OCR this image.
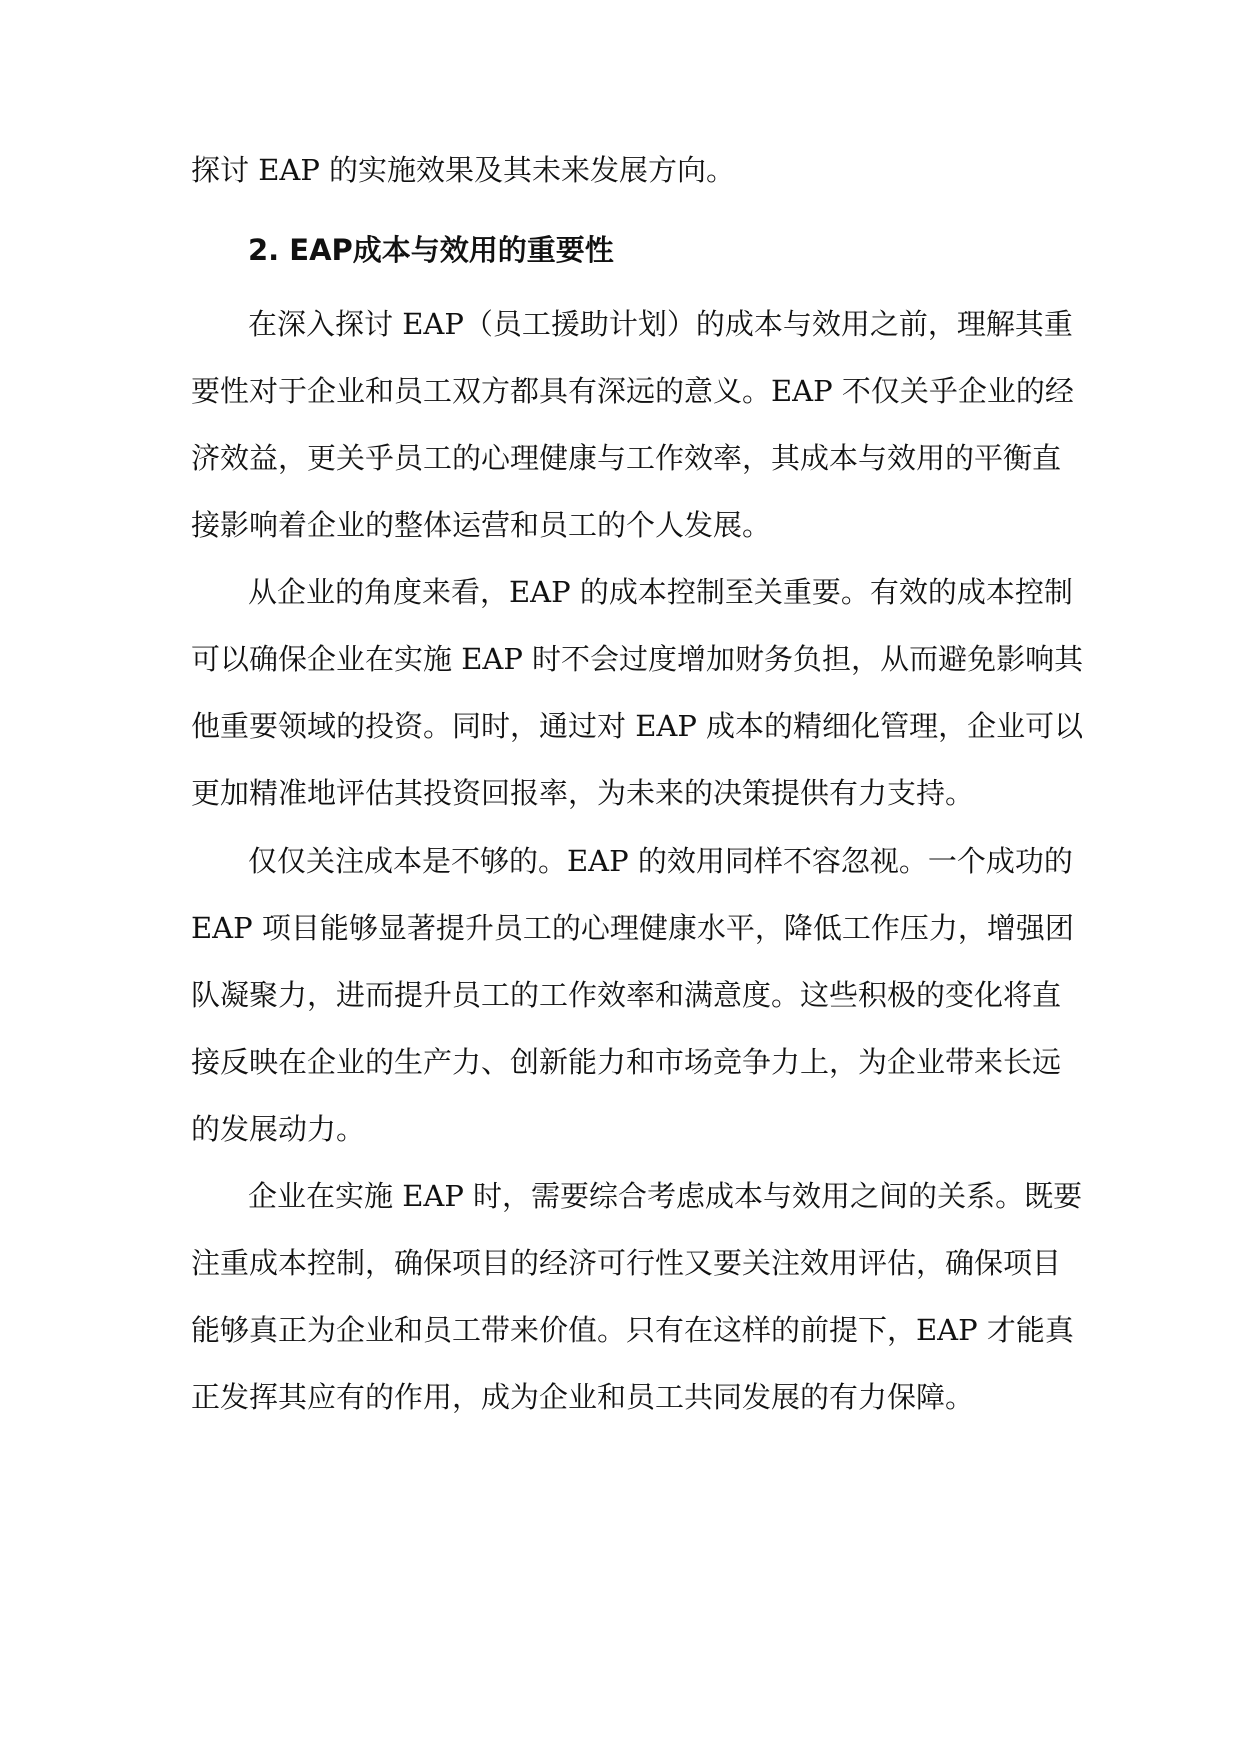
探讨 EAP 的实施效果及其未来发展方向。
2. EAP成本与效用的重要性
在深入探讨 EAP（员工援助计划）的成本与效用之前，理解其重
要性对于企业和员工双方都具有深远的意义。EAP 不仅关乎企业的经
济效益，更关乎员工的心理健康与工作效率，其成本与效用的平衡直
接影响着企业的整体运营和员工的个人发展。
从企业的角度来看，EAP 的成本控制至关重要。有效的成本控制
可以确保企业在实施 EAP 时不会过度增加财务负担，从而避免影响其
他重要领域的投资。同时，通过对 EAP 成本的精细化管理，企业可以
更加精准地评估其投资回报率，为未来的决策提供有力支持。
仅仅关注成本是不够的。EAP 的效用同样不容忽视。一个成功的
EAP 项目能够显著提升员工的心理健康水平，降低工作压力，增强团
队凝聚力，进而提升员工的工作效率和满意度。这些积极的变化将直
接反映在企业的生产力、创新能力和市场竞争力上，为企业带来长远
的发展动力。
企业在实施 EAP 时，需要综合考虑成本与效用之间的关系。既要
注重成本控制，确保项目的经济可行性又要关注效用评估，确保项目
能够真正为企业和员工带来价值。只有在这样的前提下，EAP 才能真
正发挥其应有的作用，成为企业和员工共同发展的有力保障。
